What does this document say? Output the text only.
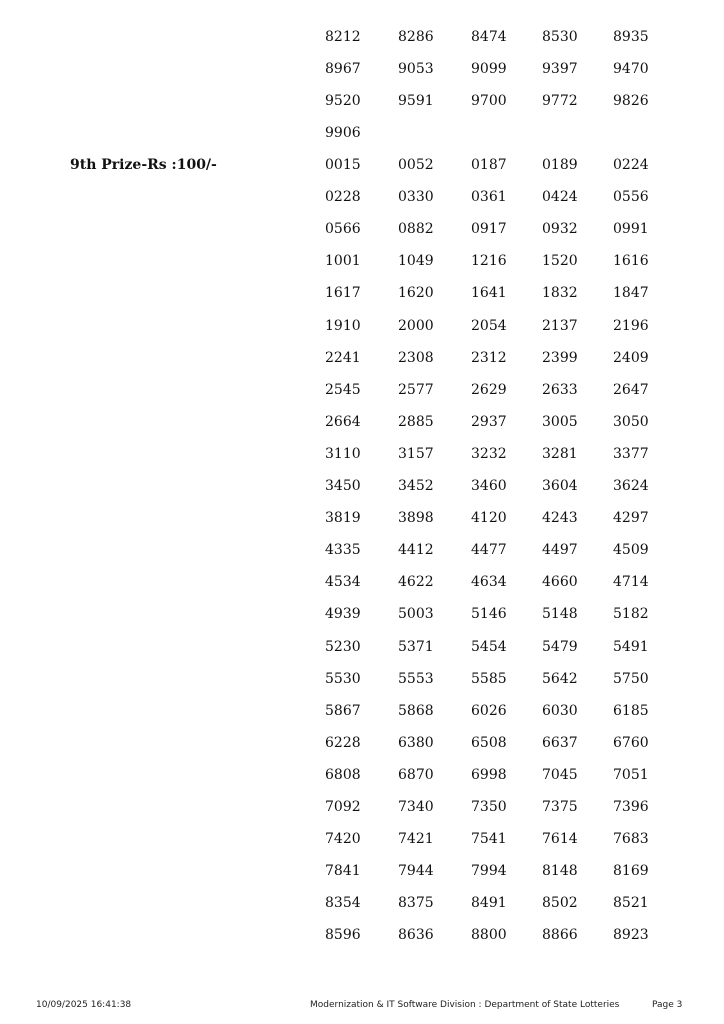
8212	8286	8474	8530	8935
8967	9053	9099	9397	9470
9520	9591	9700	9772	9826
9906
9th Prize-Rs :100/-	0015	0052	0187	0189	0224
0228	0330	0361	0424	0556
0566	0882	0917	0932	0991
1001	1049	1216	1520	1616
1617	1620	1641	1832	1847
1910	2000	2054	2137	2196
2241	2308	2312	2399	2409
2545	2577	2629	2633	2647
2664	2885	2937	3005	3050
3110	3157	3232	3281	3377
3450	3452	3460	3604	3624
3819	3898	4120	4243	4297
4335	4412	4477	4497	4509
4534	4622	4634	4660	4714
4939	5003	5146	5148	5182
5230	5371	5454	5479	5491
5530	5553	5585	5642	5750
5867	5868	6026	6030	6185
6228	6380	6508	6637	6760
6808	6870	6998	7045	7051
7092	7340	7350	7375	7396
7420	7421	7541	7614	7683
7841	7944	7994	8148	8169
8354	8375	8491	8502	8521
8596	8636	8800	8866	8923
10/09/2025 16:41:38	Modernization & IT Software Division : Department of State Lotteries	Page 3
